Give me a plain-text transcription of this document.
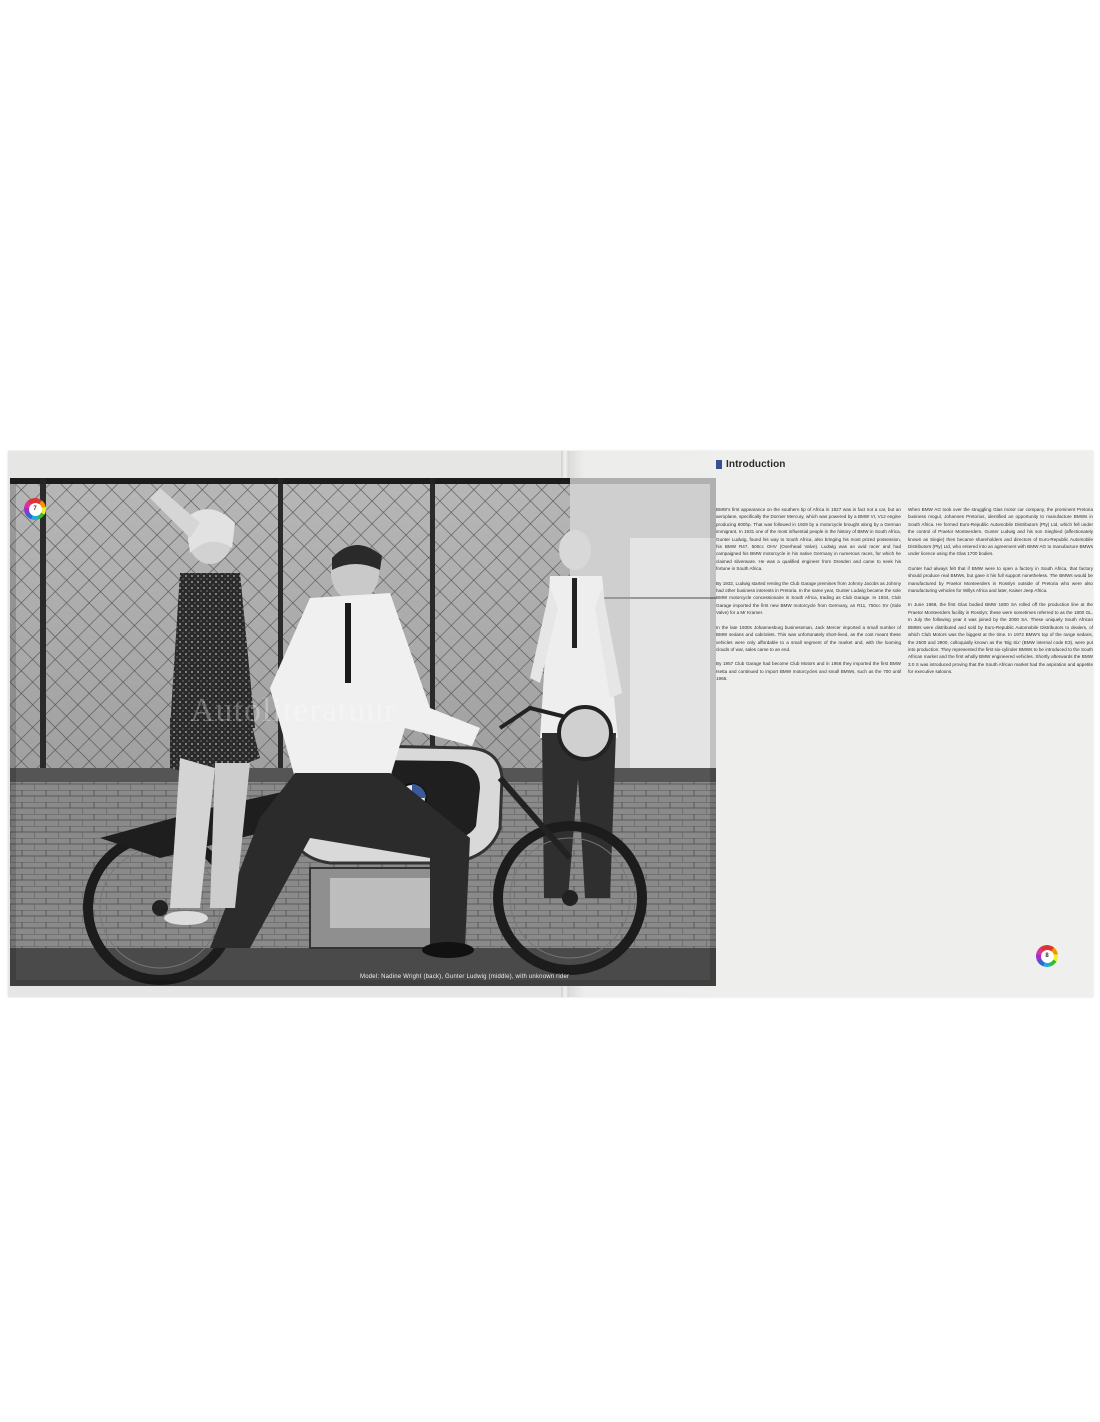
Model: Nadine Wright (back), Gunter Ludwig (middle), with unknown rider
Autoliteratuur
7
8
Introduction

BMW's first appearance on the southern tip of Africa in 1927 was in fact not a car, but an aeroplane, specifically the Dornier Mercury, which was powered by a BMW VI, V12 engine producing 600hp. That was followed in 1929 by a motorcycle brought along by a German immigrant. In 1931 one of the most influential people in the history of BMW in South Africa, Gunter Ludwig, found his way to South Africa, also bringing his most prized possession, his BMW R47, 500cc OHV (Overhead Valve). Ludwig was an avid racer and had campaigned his BMW motorcycle in his native Germany in numerous races, for which he claimed silverware. He was a qualified engineer from Dresden and came to seek his fortune in South Africa.

By 1932, Ludwig started renting the Club Garage premises from Johnny Jacobs as Johnny had other business interests in Pretoria. In the same year, Gunter Ludwig became the sole BMW motorcycle concessionaire in South Africa, trading as Club Garage. In 1934, Club Garage imported the first new BMW motorcycle from Germany, an R11, 750cc SV (Side Valve) for a Mr Kramer.

In the late 1930s Johannesburg businessman, Jack Mercer imported a small number of BMW sedans and cabriolets. This was unfortunately short-lived, as the cost meant these vehicles were only affordable to a small segment of the market and, with the looming clouds of war, sales came to an end.

By 1957 Club Garage had become Club Motors and in 1958 they imported the first BMW Isetta and continued to import BMW motorcycles and small BMWs, such as the 700 until 1966.

When BMW AG took over the struggling Glas motor car company, the prominent Pretoria business mogul, Johannes Pretorius, identified an opportunity to manufacture BMWs in South Africa. He formed Euro-Republic Automobile Distributors (Pty) Ltd, which fell under the control of Praetor Monteerders. Gunter Ludwig and his son Sieghied (affectionately known as Siegie) then became shareholders and directors of Euro-Republic Automobile Distributors (Pty) Ltd, who entered into an agreement with BMW AG to manufacture BMWs under licence using the Glas 1700 bodies.

Gunter had always felt that if BMW were to open a factory in South Africa, that factory should produce real BMWs, but gave it his full support nonetheless. The BMWs would be manufactured by Praetor Monteerders in Rosslyn outside of Pretoria who were also manufacturing vehicles for Willys Africa and later, Kaiser Jeep Africa.

In June 1968, the first Glas bodied BMW 1800 SA rolled off the production line at the Praetor Monteerders facility in Rosslyn; these were sometimes referred to as the 1800 GL. In July the following year it was joined by the 2000 SA. These uniquely South African BMWs were distributed and sold by Euro-Republic Automobile Distributors to dealers, of which Club Motors was the biggest at the time. In 1972 BMW's top of the range sedans, the 2500 and 2800, colloquially known as the 'Big Six' (BMW internal code E3), were put into production. They represented the first six-cylinder BMWs to be introduced to the South African market and the first wholly BMW engineered vehicles. Shortly afterwards the BMW 3.0 S was introduced proving that the South African market had the aspiration and appetite for executive saloons.
